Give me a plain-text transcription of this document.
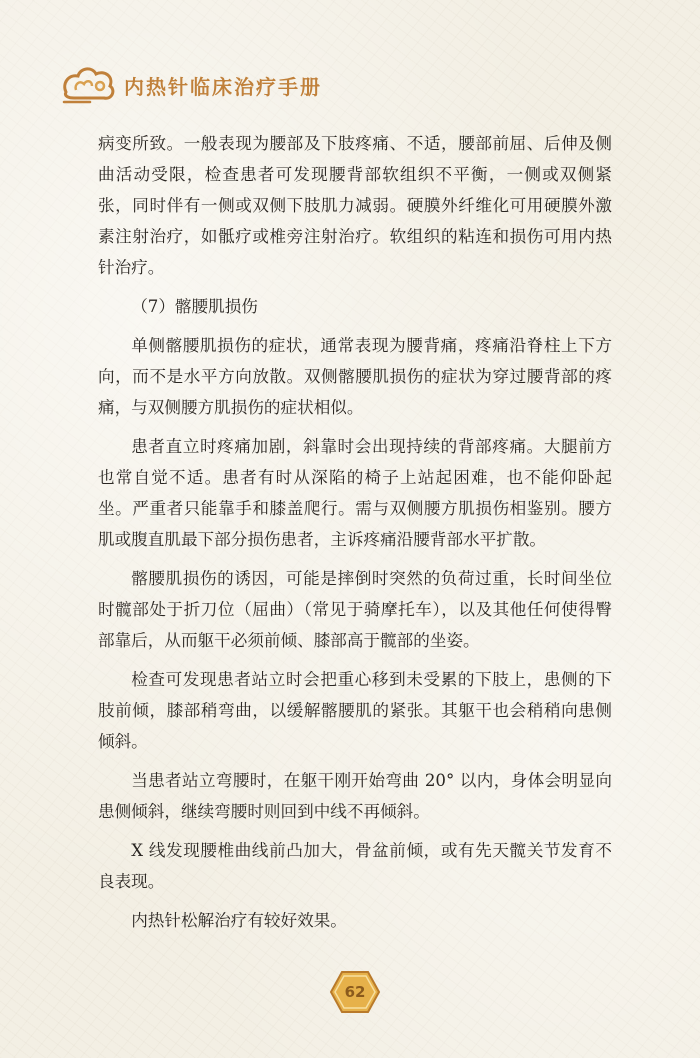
内热针临床治疗手册

病变所致。一般表现为腰部及下肢疼痛、不适，腰部前屈、后伸及侧曲活动受限，检查患者可发现腰背部软组织不平衡，一侧或双侧紧张，同时伴有一侧或双侧下肢肌力减弱。硬膜外纤维化可用硬膜外激素注射治疗，如骶疗或椎旁注射治疗。软组织的粘连和损伤可用内热针治疗。

（7）髂腰肌损伤

单侧髂腰肌损伤的症状，通常表现为腰背痛，疼痛沿脊柱上下方向，而不是水平方向放散。双侧髂腰肌损伤的症状为穿过腰背部的疼痛，与双侧腰方肌损伤的症状相似。

患者直立时疼痛加剧，斜靠时会出现持续的背部疼痛。大腿前方也常自觉不适。患者有时从深陷的椅子上站起困难，也不能仰卧起坐。严重者只能靠手和膝盖爬行。需与双侧腰方肌损伤相鉴别。腰方肌或腹直肌最下部分损伤患者，主诉疼痛沿腰背部水平扩散。

髂腰肌损伤的诱因，可能是摔倒时突然的负荷过重，长时间坐位时髋部处于折刀位（屈曲）（常见于骑摩托车），以及其他任何使得臀部靠后，从而躯干必须前倾、膝部高于髋部的坐姿。

检查可发现患者站立时会把重心移到未受累的下肢上，患侧的下肢前倾，膝部稍弯曲，以缓解髂腰肌的紧张。其躯干也会稍稍向患侧倾斜。

当患者站立弯腰时，在躯干刚开始弯曲 20° 以内，身体会明显向患侧倾斜，继续弯腰时则回到中线不再倾斜。

X 线发现腰椎曲线前凸加大，骨盆前倾，或有先天髋关节发育不良表现。

内热针松解治疗有较好效果。

62
